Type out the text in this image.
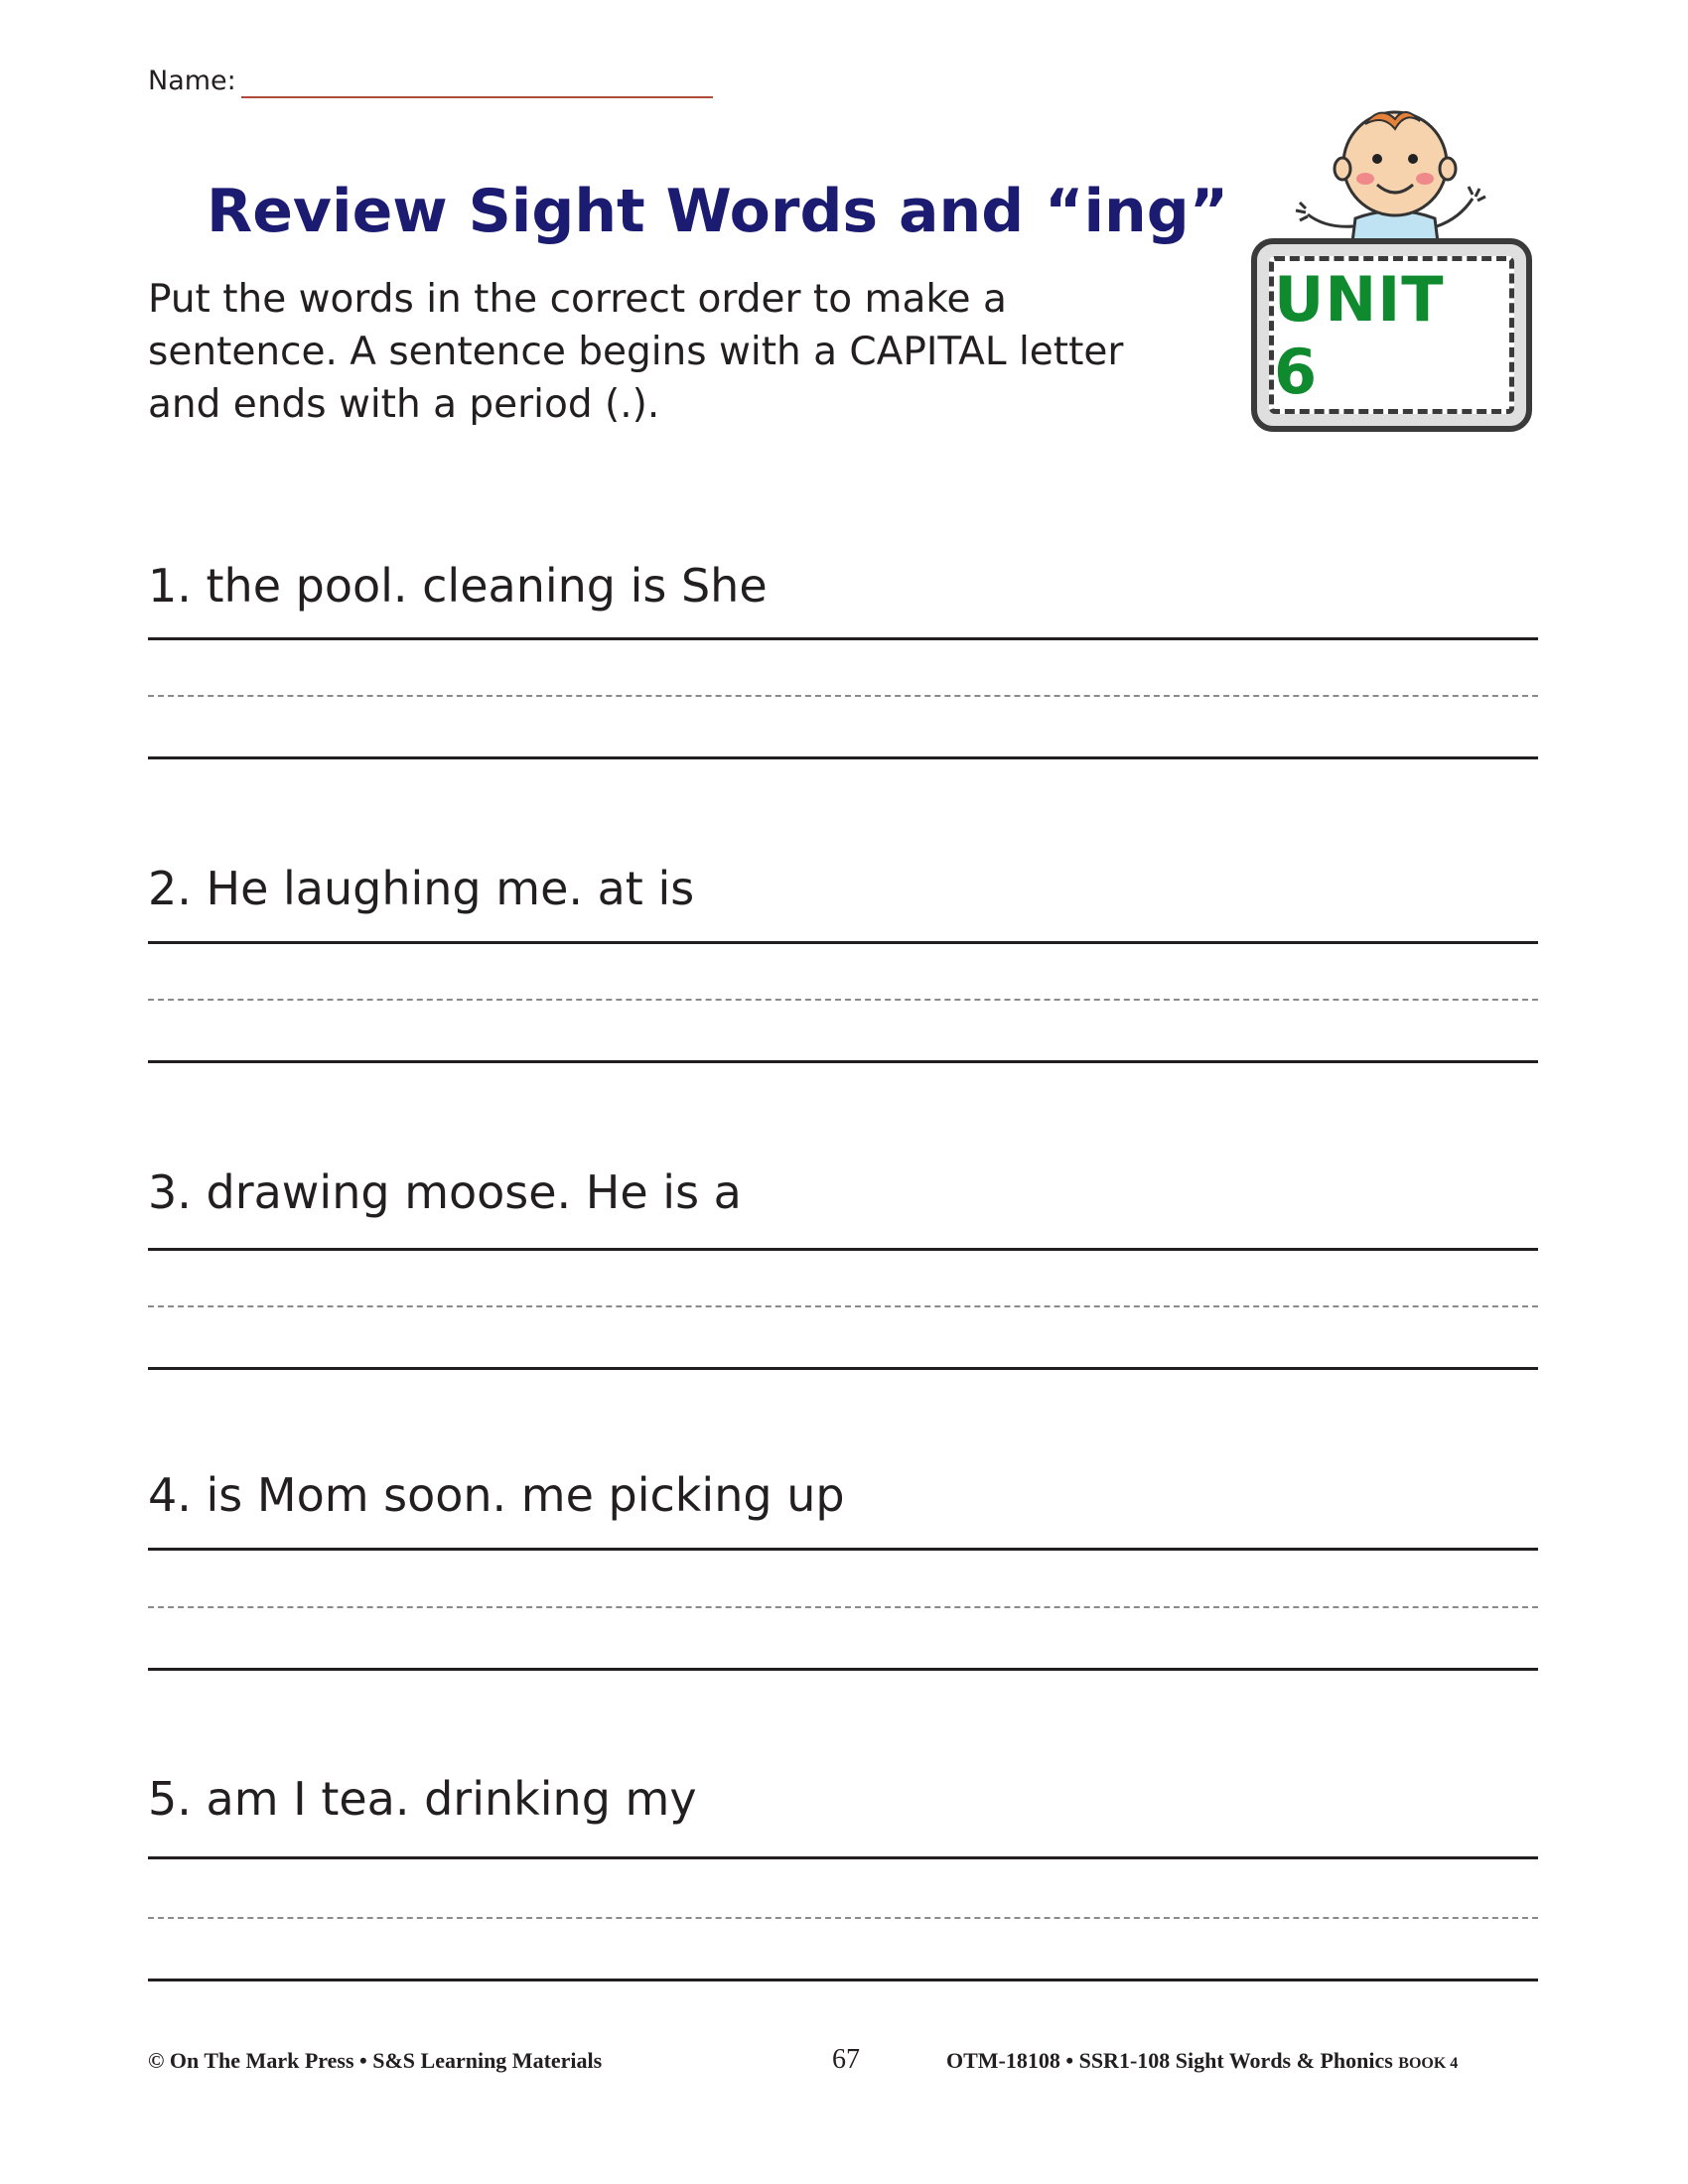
Name:
Review Sight Words and “ing”

Put the words in the correct order to make a sentence. A sentence begins with a CAPITAL letter and ends with a period (.).

UNIT 6
1. the pool. cleaning is She
2. He laughing me. at is
3. drawing moose. He is a
4. is Mom soon. me picking up
5. am I tea. drinking my
© On The Mark Press • S&S Learning Materials	67	OTM-18108 • SSR1-108 Sight Words & Phonics BOOK 4
